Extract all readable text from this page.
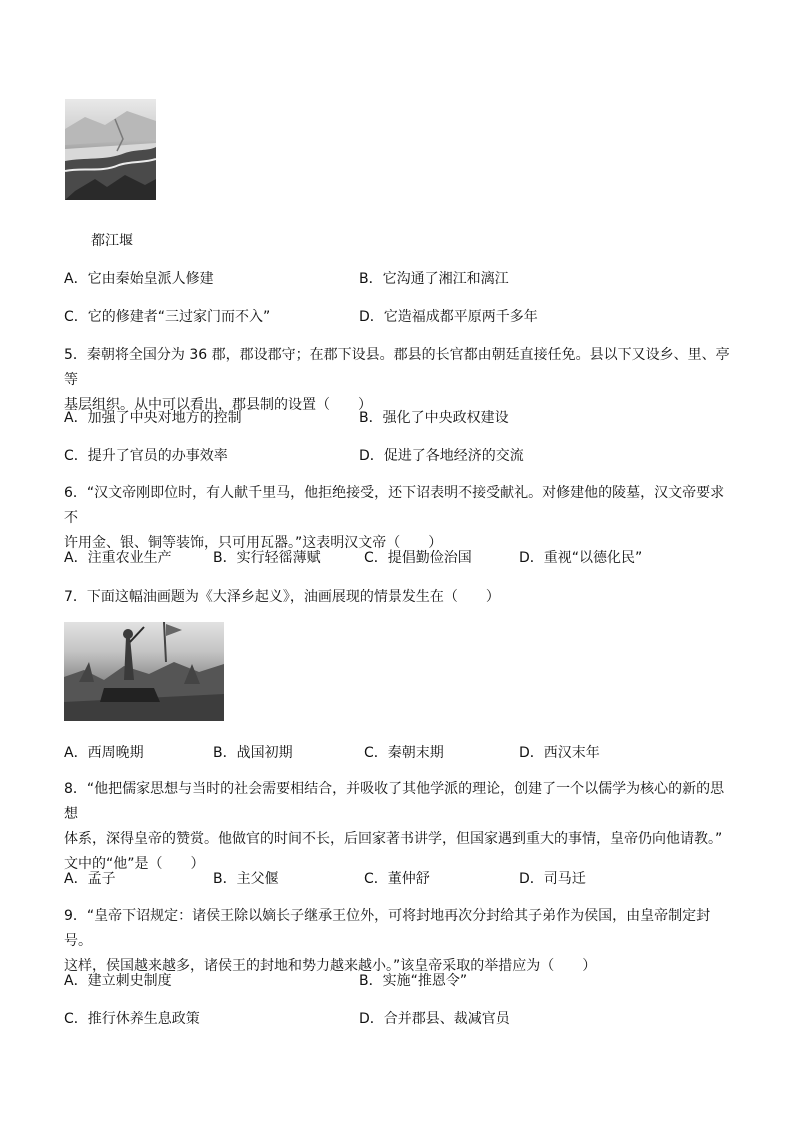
都江堰
A．它由秦始皇派人修建	B．它沟通了湘江和漓江
C．它的修建者“三过家门而不入”	D．它造福成都平原两千多年
5．秦朝将全国分为 36 郡，郡设郡守；在郡下设县。郡县的长官都由朝廷直接任免。县以下又设乡、里、亭等
基层组织。从中可以看出，郡县制的设置（　　）
A．加强了中央对地方的控制	B．强化了中央政权建设
C．提升了官员的办事效率	D．促进了各地经济的交流
6．“汉文帝刚即位时，有人献千里马，他拒绝接受，还下诏表明不接受献礼。对修建他的陵墓，汉文帝要求不
许用金、银、铜等装饰，只可用瓦器。”这表明汉文帝（　　）
A．注重农业生产	B．实行轻徭薄赋	C．提倡勤俭治国	D．重视“以德化民”
7．下面这幅油画题为《大泽乡起义》，油画展现的情景发生在（　　）
A．西周晚期	B．战国初期	C．秦朝末期	D．西汉末年
8．“他把儒家思想与当时的社会需要相结合，并吸收了其他学派的理论，创建了一个以儒学为核心的新的思想
体系，深得皇帝的赞赏。他做官的时间不长，后回家著书讲学，但国家遇到重大的事情，皇帝仍向他请教。”
文中的“他”是（　　）
A．孟子	B．主父偃	C．董仲舒	D．司马迁
9．“皇帝下诏规定：诸侯王除以嫡长子继承王位外，可将封地再次分封给其子弟作为侯国，由皇帝制定封号。
这样，侯国越来越多，诸侯王的封地和势力越来越小。”该皇帝采取的举措应为（　　）
A．建立刺史制度	B．实施“推恩令”
C．推行休养生息政策	D．合并郡县、裁减官员
